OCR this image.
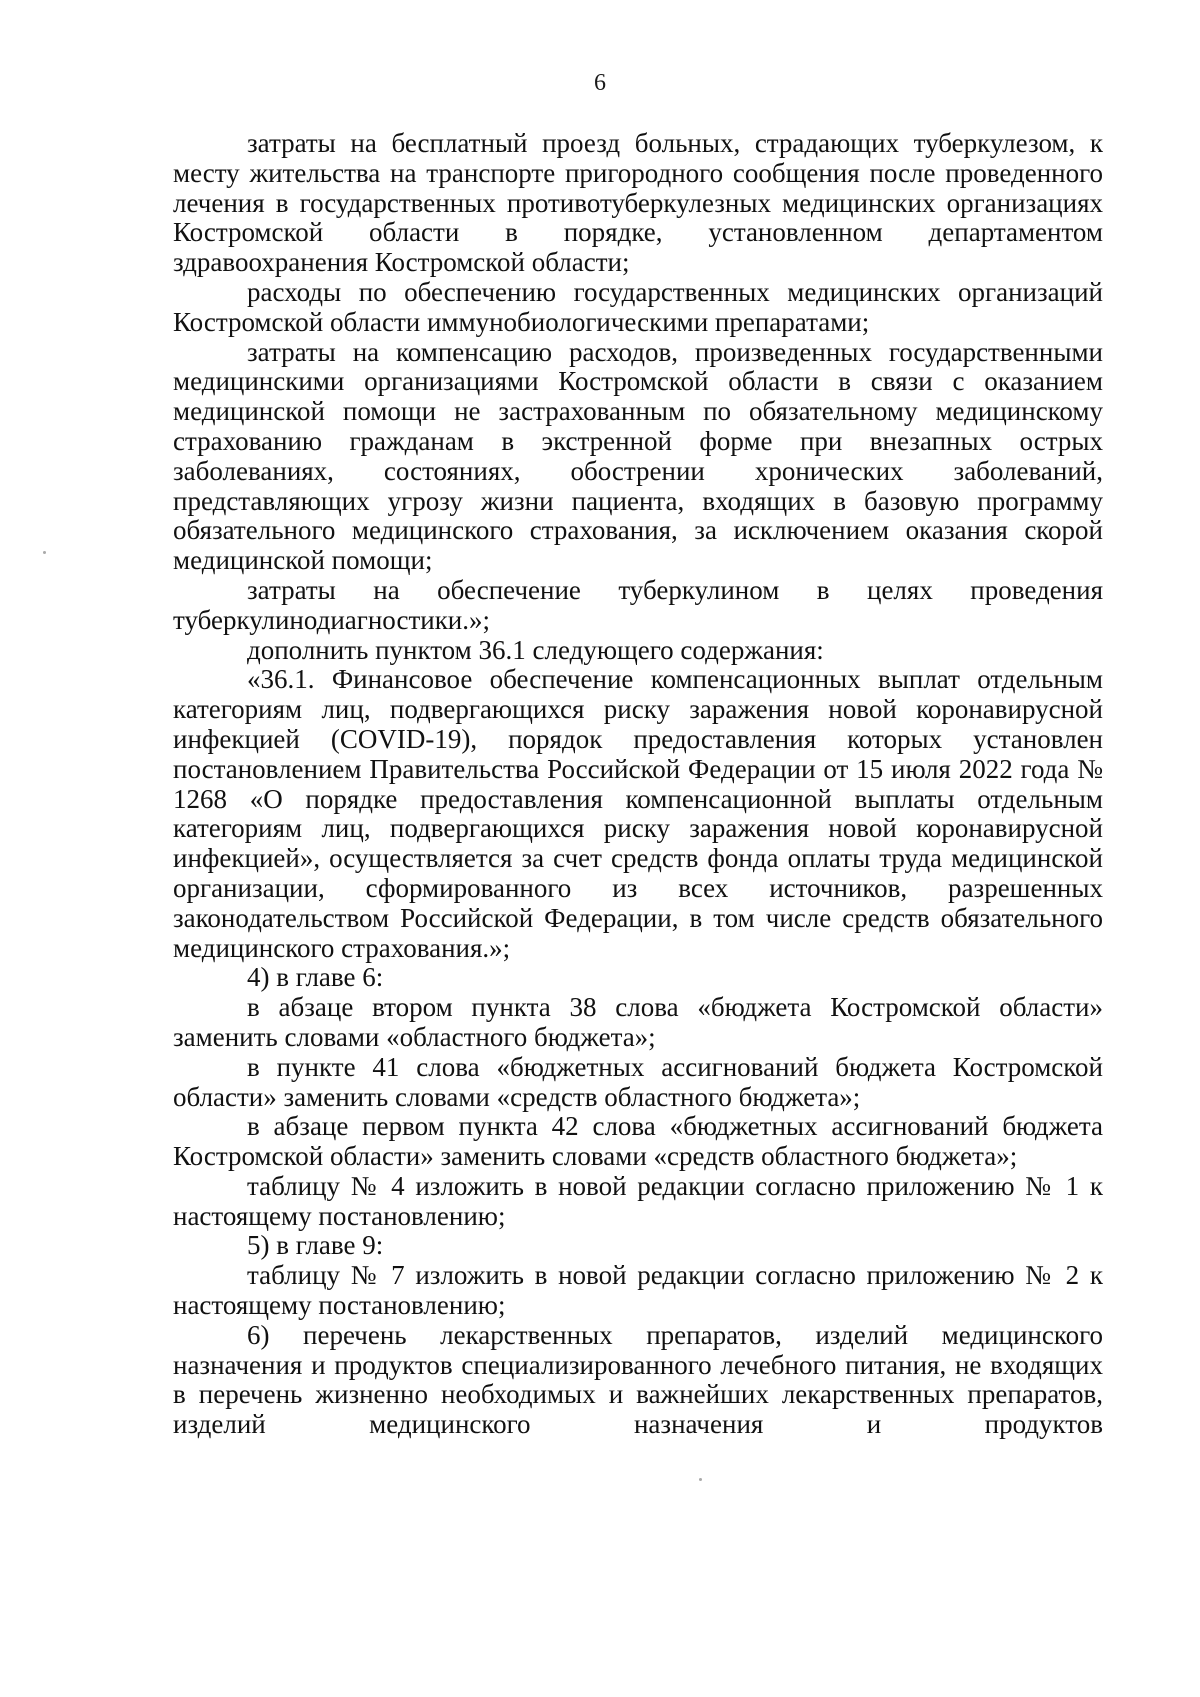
6

затраты на бесплатный проезд больных, страдающих туберкулезом, к месту жительства на транспорте пригородного сообщения после проведенного лечения в государственных противотуберкулезных медицинских организациях Костромской области в порядке, установленном департаментом здравоохранения Костромской области;

расходы по обеспечению государственных медицинских организаций Костромской области иммунобиологическими препаратами;

затраты на компенсацию расходов, произведенных государственными медицинскими организациями Костромской области в связи с оказанием медицинской помощи не застрахованным по обязательному медицинскому страхованию гражданам в экстренной форме при внезапных острых заболеваниях, состояниях, обострении хронических заболеваний, представляющих угрозу жизни пациента, входящих в базовую программу обязательного медицинского страхования, за исключением оказания скорой медицинской помощи;

затраты на обеспечение туберкулином в целях проведения туберкулинодиагностики.»;

дополнить пунктом 36.1 следующего содержания:

«36.1. Финансовое обеспечение компенсационных выплат отдельным категориям лиц, подвергающихся риску заражения новой коронавирусной инфекцией (COVID-19), порядок предоставления которых установлен постановлением Правительства Российской Федерации от 15 июля 2022 года № 1268 «О порядке предоставления компенсационной выплаты отдельным категориям лиц, подвергающихся риску заражения новой коронавирусной инфекцией», осуществляется за счет средств фонда оплаты труда медицинской организации, сформированного из всех источников, разрешенных законодательством Российской Федерации, в том числе средств обязательного медицинского страхования.»;

4) в главе 6:

в абзаце втором пункта 38 слова «бюджета Костромской области» заменить словами «областного бюджета»;

в пункте 41 слова «бюджетных ассигнований бюджета Костромской области» заменить словами «средств областного бюджета»;

в абзаце первом пункта 42 слова «бюджетных ассигнований бюджета Костромской области» заменить словами «средств областного бюджета»;

таблицу № 4 изложить в новой редакции согласно приложению № 1 к настоящему постановлению;

5) в главе 9:

таблицу № 7 изложить в новой редакции согласно приложению № 2 к настоящему постановлению;

6) перечень лекарственных препаратов, изделий медицинского назначения и продуктов специализированного лечебного питания, не входящих в перечень жизненно необходимых и важнейших лекарственных препаратов, изделий медицинского назначения и продуктов
